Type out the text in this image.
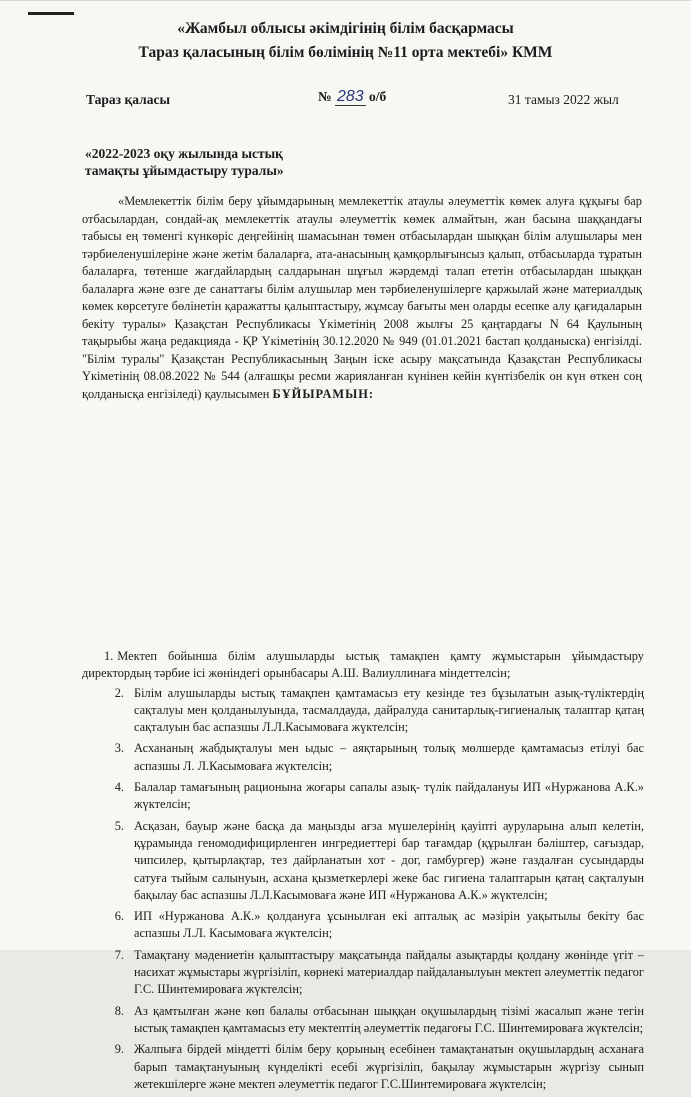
«Жамбыл облысы әкімдігінің білім басқармасы
Тараз қаласының білім бөлімінің №11 орта мектебі» КММ
Тараз қаласы	№ 283 о/б	31 тамыз 2022 жыл
«2022-2023 оқу жылында ыстық
тамақты ұйымдастыру туралы»

«Мемлекеттік білім беру ұйымдарының мемлекеттік атаулы әлеуметтік көмек алуға құқығы бар отбасылардан, сондай-ақ мемлекеттік атаулы әлеуметтік көмек алмайтын, жан басына шаққандағы табысы ең төменгі күнкөріс деңгейінің шамасынан төмен отбасылардан шыққан білім алушылары мен тәрбиеленушілеріне және жетім балаларға, ата-анасының қамқорлығынсыз қалып, отбасыларда тұратын балаларға, төтенше жағдайлардың салдарынан шұғыл жәрдемді талап ететін отбасылардан шыққан балаларға және өзге де санаттағы білім алушылар мен тәрбиеленушілерге қаржылай және материалдық көмек көрсетуге бөлінетін қаражатты қалыптастыру, жұмсау бағыты мен оларды есепке алу қағидаларын бекіту туралы» Қазақстан Республикасы Үкіметінің 2008 жылғы 25 қаңтардағы N 64 Қаулының тақырыбы жаңа редакцияда - ҚР Үкіметінің 30.12.2020 № 949 (01.01.2021 бастап қолданыска) енгізілді. "Білім туралы" Қазақстан Республикасының Заңын іске асыру мақсатында Қазақстан Республикасы Үкіметінің 08.08.2022 № 544 (алғашқы ресми жарияланған күнінен кейін күнтізбелік он күн өткен соң қолданысқа енгізіледі) қаулысымен БҰЙЫРАМЫН:

1. Мектеп бойынша білім алушыларды ыстық тамақпен қамту жұмыстарын ұйымдастыру директордың тәрбие ісі жөніндегі орынбасары А.Ш. Валиуллинаға міндеттелсін;
2. Білім алушыларды ыстық тамақпен қамтамасыз ету кезінде тез бұзылатын азық-түліктердің сақталуы мен қолданылуында, тасмалдауда, дайралуда санитарлық-гигиеналық талаптар қатаң сақталуын бас аспазшы Л.Л.Касымоваға жүктелсін;
3. Асхананың жабдықталуы мен ыдыс – аяқтарының толық мөлшерде қамтамасыз етілуі бас аспазшы Л. Л.Касымоваға жүктелсін;
4. Балалар тамағының рационына жоғары сапалы азық- түлік пайдалануы ИП «Нуржанова А.К.» жүктелсін;
5. Асқазан, бауыр және басқа да маңызды ағза мүшелерінің қауіпті ауруларына алып келетін, құрамында геномодифицирленген ингредиеттері бар тағамдар (құрылған бәліштер, сағыздар, чипсилер, қытырлақтар, тез дайрланатын хот - дог, гамбургер) және газдалған сусындарды сатуға тыйым салынуын, асхана қызметкерлері жеке бас гигиена талаптарын қатаң сақталуын бақылау бас аспазшы Л.Л.Касымоваға және ИП «Нуржанова А.К.» жүктелсін;
6. ИП «Нуржанова А.К.» қолдануға ұсынылған екі апталық ас мәзірін уақытылы бекіту бас аспазшы Л.Л. Касымоваға жүктелсін;
7. Тамақтану мәдениетін қалыптастыру мақсатында пайдалы азықтарды қолдану жөнінде үгіт – насихат жұмыстары жүргізіліп, көрнекі материалдар пайдаланылуын мектеп әлеуметтік педагог Г.С. Шинтемироваға жүктелсін;
8. Аз қамтылған және көп балалы отбасынан шыққан оқушылардың тізімі жасалып және тегін ыстық тамақпен қамтамасыз ету мектептің әлеуметтік педагоғы Г.С. Шинтемироваға жүктелсін;
9. Жалпыға бірдей міндетті білім беру қорының есебінен тамақтанатын оқушылардың асханаға барып тамақтануының күнделікті есебі жүргізіліп, бақылау жұмыстарын жүргізу сынып жетекшілерге және мектеп әлеуметтік педагог Г.С.Шинтемироваға жүктелсін;
